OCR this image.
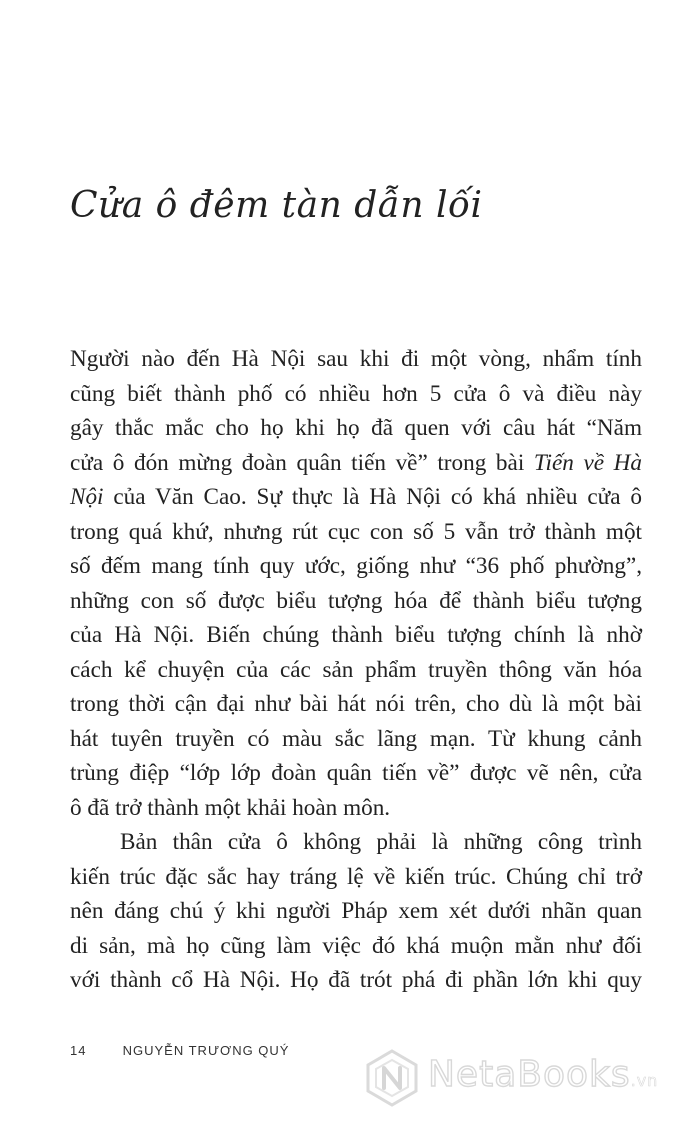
Cửa ô đêm tàn dẫn lối
Người nào đến Hà Nội sau khi đi một vòng, nhẩm tính
cũng biết thành phố có nhiều hơn 5 cửa ô và điều này
gây thắc mắc cho họ khi họ đã quen với câu hát “Năm
cửa ô đón mừng đoàn quân tiến về” trong bài Tiến về Hà
Nội của Văn Cao. Sự thực là Hà Nội có khá nhiều cửa ô
trong quá khứ, nhưng rút cục con số 5 vẫn trở thành một
số đếm mang tính quy ước, giống như “36 phố phường”,
những con số được biểu tượng hóa để thành biểu tượng
của Hà Nội. Biến chúng thành biểu tượng chính là nhờ
cách kể chuyện của các sản phẩm truyền thông văn hóa
trong thời cận đại như bài hát nói trên, cho dù là một bài
hát tuyên truyền có màu sắc lãng mạn. Từ khung cảnh
trùng điệp “lớp lớp đoàn quân tiến về” được vẽ nên, cửa
ô đã trở thành một khải hoàn môn.
Bản thân cửa ô không phải là những công trình
kiến trúc đặc sắc hay tráng lệ về kiến trúc. Chúng chỉ trở
nên đáng chú ý khi người Pháp xem xét dưới nhãn quan
di sản, mà họ cũng làm việc đó khá muộn mằn như đối
với thành cổ Hà Nội. Họ đã trót phá đi phần lớn khi quy
14	NGUYỄN TRƯƠNG QUÝ
NetaBooks.vn
